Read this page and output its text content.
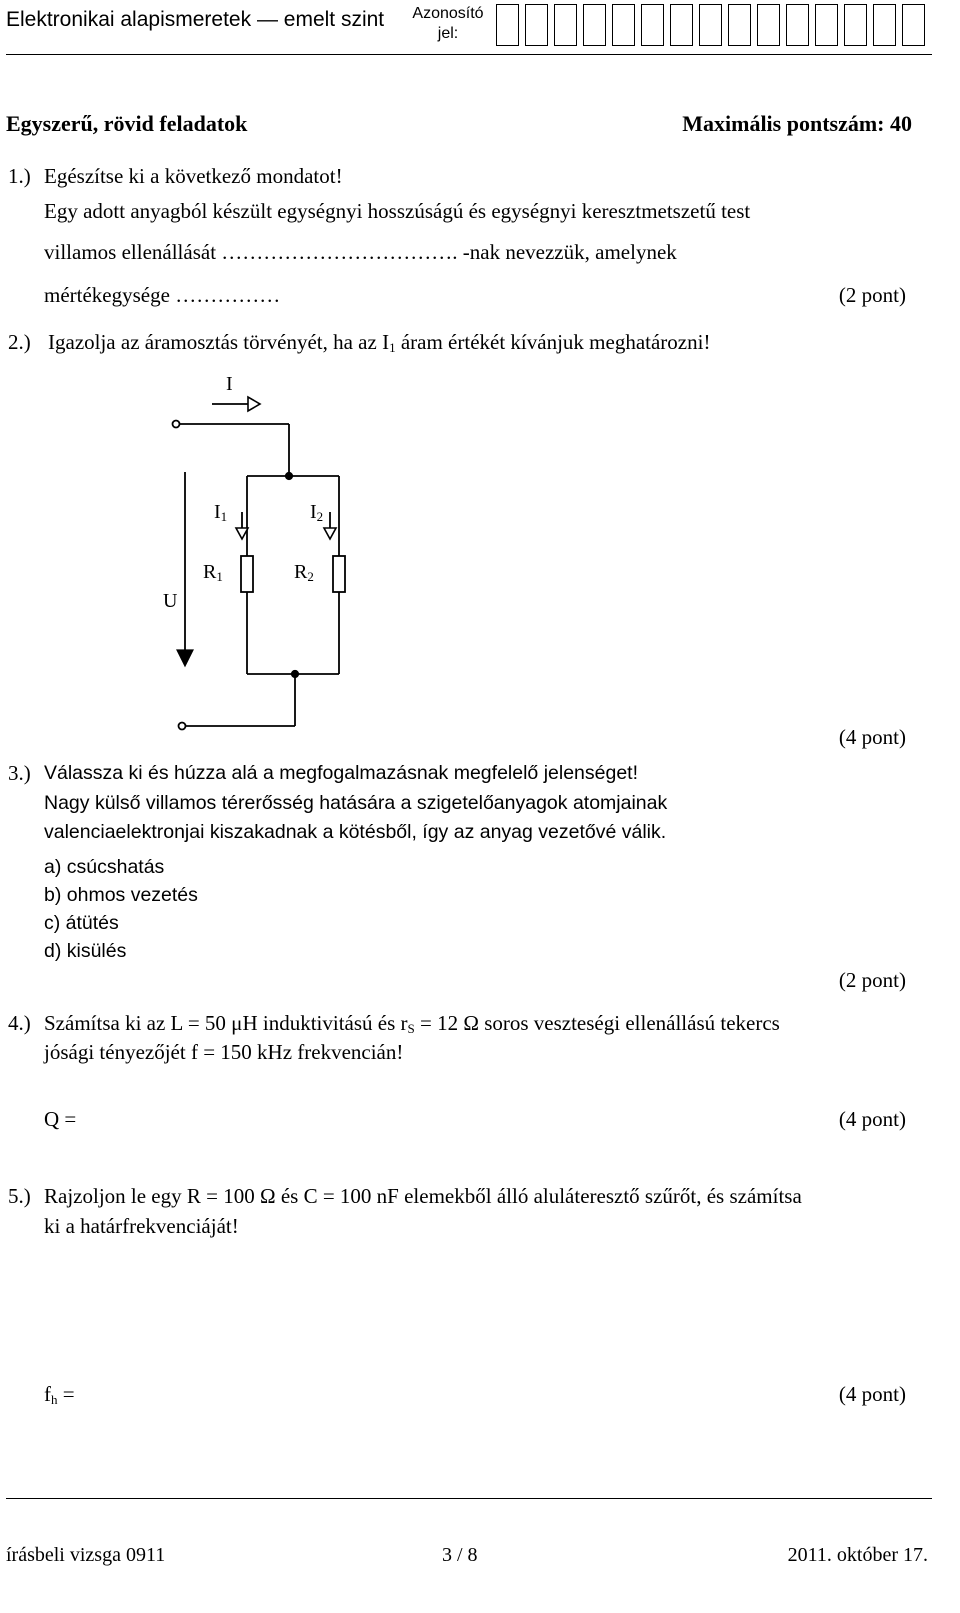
Elektronikai alapismeretek — emelt szint Azonosító
jel:
Egyszerű, rövid feladatok	Maximális pontszám: 40
1.) Egészítse ki a következő mondatot!
Egy adott anyagból készült egységnyi hosszúságú és egységnyi keresztmetszetű test
villamos ellenállását ……………………………. -nak nevezzük, amelynek
mértékegysége ……………	(2 pont)
2.) Igazolja az áramosztás törvényét, ha az $I_1$ áram értékét kívánjuk meghatározni!
I
I1	I2
R1	R2
U
(4 pont)
3.) Válassza ki és húzza alá a megfogalmazásnak megfelelő jelenséget!
Nagy külső villamos térerősség hatására a szigetelőanyagok atomjainak
valenciaelektronjai kiszakadnak a kötésből, így az anyag vezetővé válik.
a) csúcshatás
b) ohmos vezetés
c) átütés
d) kisülés
(2 pont)
4.) Számítsa ki az L = 50 μH induktivitású és $r_S = 12$ Ω soros veszteségi ellenállású tekercs
jósági tényezőjét f = 150 kHz frekvencián!
Q =	(4 pont)
5.) Rajzoljon le egy R = 100 Ω és C = 100 nF elemekből álló aluláteresztő szűrőt, és számítsa
ki a határfrekvenciáját!
$f_h$ =	(4 pont)
írásbeli vizsga 0911	3 / 8	2011. október 17.
